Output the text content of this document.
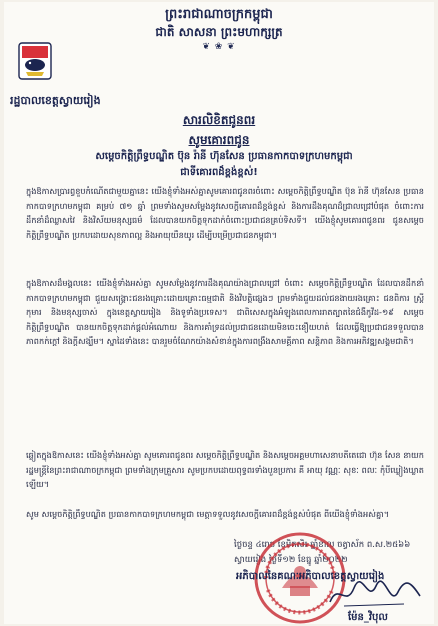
ព្រះរាជាណាចក្រកម្ពុជា
ជាតិ សាសនា ព្រះមហាក្សត្រ
❦ ❀ ❦
រដ្ឋបាលខេត្តស្វាយរៀង
សារលិខិតជូនពរ
សូមគោរពជូន
សម្ដេចកិត្តិព្រឹទ្ធបណ្ឌិត ប៊ុន រ៉ានី ហ៊ុនសែន ប្រធានកាកបាទក្រហមកម្ពុជា
ជាទីគោរពដ៏ខ្ពង់ខ្ពស់!
ក្នុងឱកាសប្រារព្ធខួបកំណើតជាមួយគ្នានេះ យើងខ្ញុំទាំងអស់គ្នាសូមគោរពជូនពរចំពោះ សម្ដេចកិត្តិព្រឹទ្ធបណ្ឌិត ប៊ុន រ៉ានី ហ៊ុនសែន ប្រធានកាកបាទក្រហមកម្ពុជា គម្រប់ ៧១ ឆ្នាំ ព្រមទាំងសូមសម្ដែងនូវសេចក្ដីគោរពដ៏ខ្ពង់ខ្ពស់ និងការដឹងគុណដ៏ជ្រាលជ្រៅបំផុត ចំពោះការដឹកនាំដ៏ឈ្លាសវៃ និងវិស័យមនុស្សធម៌ ដែលបានយកចិត្តទុកដាក់ចំពោះប្រជាជនគ្រប់ទិសទី។ យើងខ្ញុំសូមគោរពជូនពរ ជូនសម្ដេចកិត្តិព្រឹទ្ធបណ្ឌិត ប្រកបដោយសុខភាពល្អ និងអាយុយឺនយូរ ដើម្បីបម្រើប្រជាជនកម្ពុជា។
ក្នុងឱកាសដ៏មង្គលនេះ យើងខ្ញុំទាំងអស់គ្នា សូមសម្ដែងនូវការដឹងគុណយ៉ាងជ្រាលជ្រៅ ចំពោះ សម្ដេចកិត្តិព្រឹទ្ធបណ្ឌិត ដែលបានដឹកនាំកាកបាទក្រហមកម្ពុជា ជួយសង្គ្រោះជនរងគ្រោះដោយគ្រោះធម្មជាតិ និងវិបត្តិផ្សេងៗ ព្រមទាំងជួយដល់ជនងាយរងគ្រោះ ជនពិការ ស្ត្រី កុមារ និងមនុស្សចាស់ ក្នុងខេត្តស្វាយរៀង និងទូទាំងប្រទេស។ ជាពិសេសក្នុងអំឡុងពេលការរាតត្បាតនៃជំងឺកូវីដ-១៩ សម្ដេចកិត្តិព្រឹទ្ធបណ្ឌិត បានយកចិត្តទុកដាក់ផ្ដល់អំណោយ និងការគាំទ្រដល់ប្រជាជនដោយមិនចេះនឿយហត់ ដែលធ្វើឱ្យប្រជាជនទទួលបានភាពកក់ក្ដៅ និងក្ដីសង្ឃឹម។ ស្នាដៃទាំងនេះ បានរួមចំណែកយ៉ាងសំខាន់ក្នុងការពង្រឹងសាមគ្គីភាព សន្តិភាព និងការអភិវឌ្ឍសង្គមជាតិ។
ឆ្លៀតក្នុងឱកាសនេះ យើងខ្ញុំទាំងអស់គ្នា សូមគោរពជូនពរ សម្ដេចកិត្តិព្រឹទ្ធបណ្ឌិត និងសម្ដេចអគ្គមហាសេនាបតីតេជោ ហ៊ុន សែន នាយករដ្ឋមន្ត្រីនៃព្រះរាជាណាចក្រកម្ពុជា ព្រមទាំងក្រុមគ្រួសារ សូមប្រកបដោយពុទ្ធពរទាំងបួនប្រការ គឺ អាយុ វណ្ណៈ សុខៈ ពលៈ កុំបីឃ្លៀងឃ្លាតឡើយ។
សូម សម្ដេចកិត្តិព្រឹទ្ធបណ្ឌិត ប្រធានកាកបាទក្រហមកម្ពុជា មេត្តាទទួលនូវសេចក្ដីគោរពដ៏ខ្ពង់ខ្ពស់បំផុត ពីយើងខ្ញុំទាំងអស់គ្នា។
ថ្ងៃចន្ទ ៤រោច ខែមិគសិរ ឆ្នាំខាល ចត្វាស័ក ព.ស.២៥៦៦
ស្វាយរៀង ថ្ងៃទី១២ ខែធ្នូ ឆ្នាំ២០២២
អភិបាលនៃគណៈអភិបាលខេត្តស្វាយរៀង
ម៉ែន_វិបុល
